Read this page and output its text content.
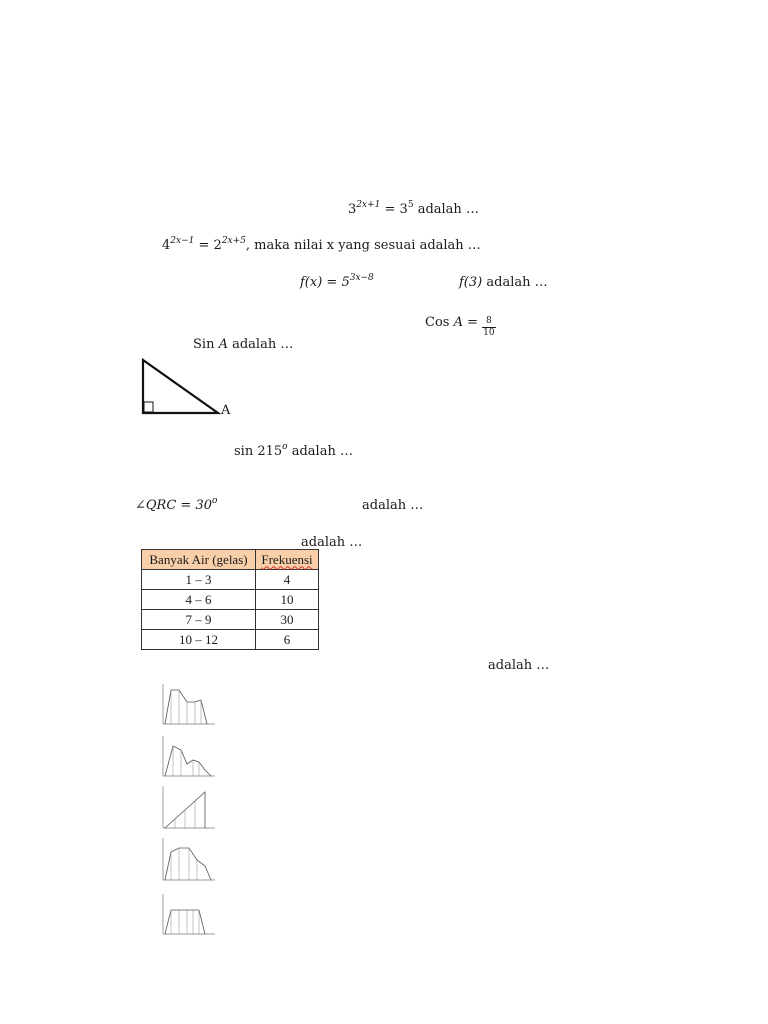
$3^{2x+1} = 3^5$ adalah …
$4^{2x-1} = 2^{2x+5}$, maka nilai x yang sesuai adalah …
$f(x) = 5^{3x-8}$	f(3) adalah …
Cos $A = \frac{8}{10}$
Sin A adalah …
A
sin 215$^o$ adalah …
∠QRC = $30^o$	adalah …
adalah …
Banyak Air (gelas)	Frekuensi
1 – 3	4
4 – 6	10
7 – 9	30
10 – 12	6
adalah …
